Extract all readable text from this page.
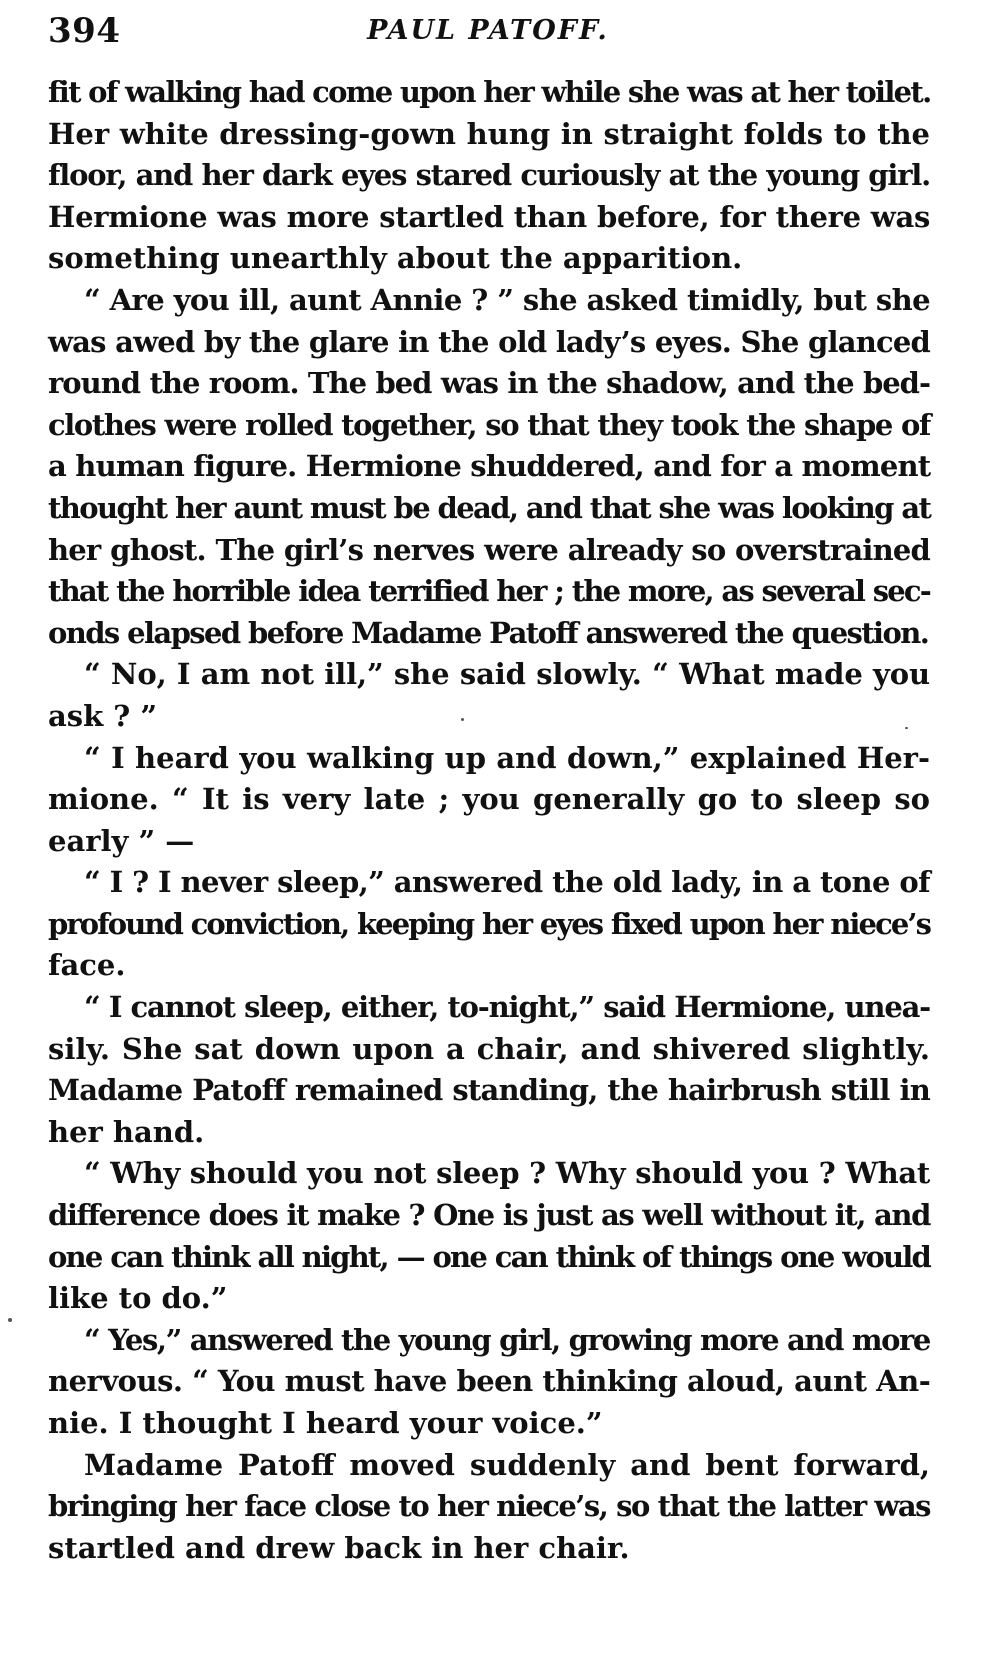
394	PAUL PATOFF.
fit of walking had come upon her while she was at her toilet.
Her white dressing-gown hung in straight folds to the
floor, and her dark eyes stared curiously at the young girl.
Hermione was more startled than before, for there was
something unearthly about the apparition.
“ Are you ill, aunt Annie ? ” she asked timidly, but she
was awed by the glare in the old lady’s eyes. She glanced
round the room. The bed was in the shadow, and the bed-
clothes were rolled together, so that they took the shape of
a human figure. Hermione shuddered, and for a moment
thought her aunt must be dead, and that she was looking at
her ghost. The girl’s nerves were already so overstrained
that the horrible idea terrified her ; the more, as several sec-
onds elapsed before Madame Patoff answered the question.
“ No, I am not ill,” she said slowly. “ What made you
ask ? ”
“ I heard you walking up and down,” explained Her-
mione. “ It is very late ; you generally go to sleep so
early ” —
“ I ? I never sleep,” answered the old lady, in a tone of
profound conviction, keeping her eyes fixed upon her niece’s
face.
“ I cannot sleep, either, to-night,” said Hermione, unea-
sily. She sat down upon a chair, and shivered slightly.
Madame Patoff remained standing, the hairbrush still in
her hand.
“ Why should you not sleep ? Why should you ? What
difference does it make ? One is just as well without it, and
one can think all night, — one can think of things one would
like to do.”
“ Yes,” answered the young girl, growing more and more
nervous. “ You must have been thinking aloud, aunt An-
nie. I thought I heard your voice.”
Madame Patoff moved suddenly and bent forward,
bringing her face close to her niece’s, so that the latter was
startled and drew back in her chair.
